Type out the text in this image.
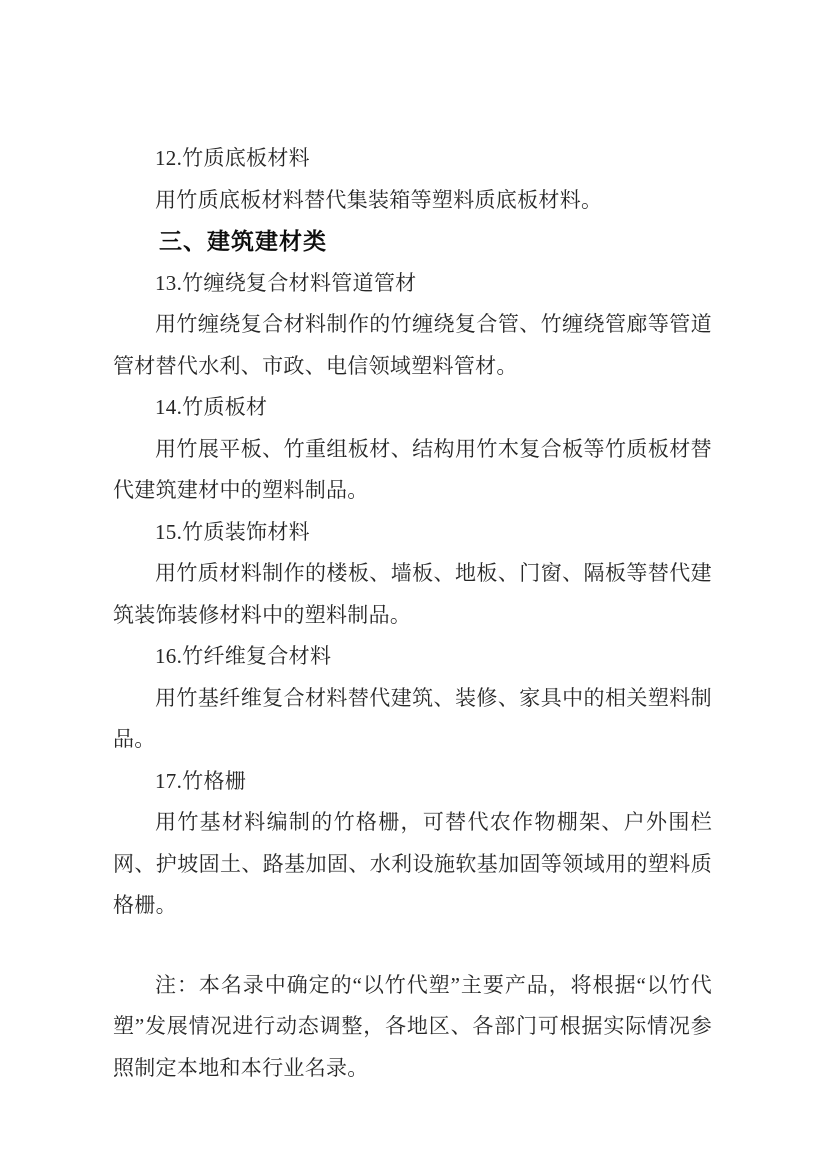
12.竹质底板材料

用竹质底板材料替代集装箱等塑料质底板材料。

三、建筑建材类

13.竹缠绕复合材料管道管材

用竹缠绕复合材料制作的竹缠绕复合管、竹缠绕管廊等管道管材替代水利、市政、电信领域塑料管材。

14.竹质板材

用竹展平板、竹重组板材、结构用竹木复合板等竹质板材替代建筑建材中的塑料制品。

15.竹质装饰材料

用竹质材料制作的楼板、墙板、地板、门窗、隔板等替代建筑装饰装修材料中的塑料制品。

16.竹纤维复合材料

用竹基纤维复合材料替代建筑、装修、家具中的相关塑料制品。

17.竹格栅

用竹基材料编制的竹格栅，可替代农作物棚架、户外围栏网、护坡固土、路基加固、水利设施软基加固等领域用的塑料质格栅。

注：本名录中确定的“以竹代塑”主要产品，将根据“以竹代塑”发展情况进行动态调整，各地区、各部门可根据实际情况参照制定本地和本行业名录。
